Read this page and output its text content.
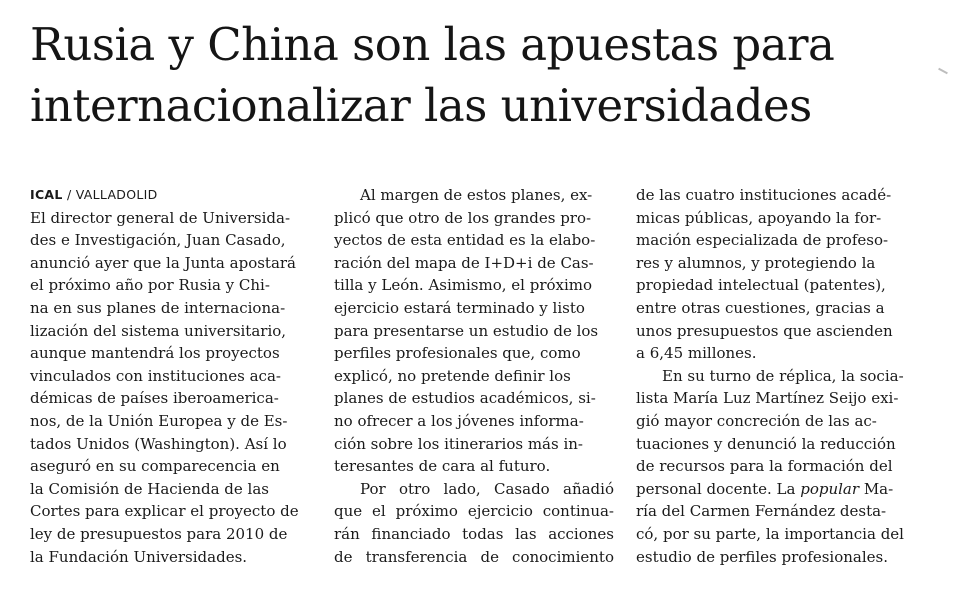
Rusia y China son las apuestas para
internacionalizar las universidades
ICAL / VALLADOLID

El director general de Universida-
des e Investigación, Juan Casado,
anunció ayer que la Junta apostará
el próximo año por Rusia y Chi-
na en sus planes de internaciona-
lización del sistema universitario,
aunque mantendrá los proyectos
vinculados con instituciones aca-
démicas de países iberoamerica-
nos, de la Unión Europea y de Es-
tados Unidos (Washington). Así lo
aseguró en su comparecencia en
la Comisión de Hacienda de las
Cortes para explicar el proyecto de
ley de presupuestos para 2010 de
la Fundación Universidades.

Al margen de estos planes, ex-
plicó que otro de los grandes pro-
yectos de esta entidad es la elabo-
ración del mapa de I+D+i de Cas-
tilla y León. Asimismo, el próximo
ejercicio estará terminado y listo
para presentarse un estudio de los
perfiles profesionales que, como
explicó, no pretende definir los
planes de estudios académicos, si-
no ofrecer a los jóvenes informa-
ción sobre los itinerarios más in-
teresantes de cara al futuro.

Por otro lado, Casado añadió
que el próximo ejercicio continua-
rán financiado todas las acciones
de transferencia de conocimiento

de las cuatro instituciones acadé-
micas públicas, apoyando la for-
mación especializada de profeso-
res y alumnos, y protegiendo la
propiedad intelectual (patentes),
entre otras cuestiones, gracias a
unos presupuestos que ascienden
a 6,45 millones.

En su turno de réplica, la socia-
lista María Luz Martínez Seijo exi-
gió mayor concreción de las ac-
tuaciones y denunció la reducción
de recursos para la formación del
personal docente. La popular Ma-
ría del Carmen Fernández desta-
có, por su parte, la importancia del
estudio de perfiles profesionales.
